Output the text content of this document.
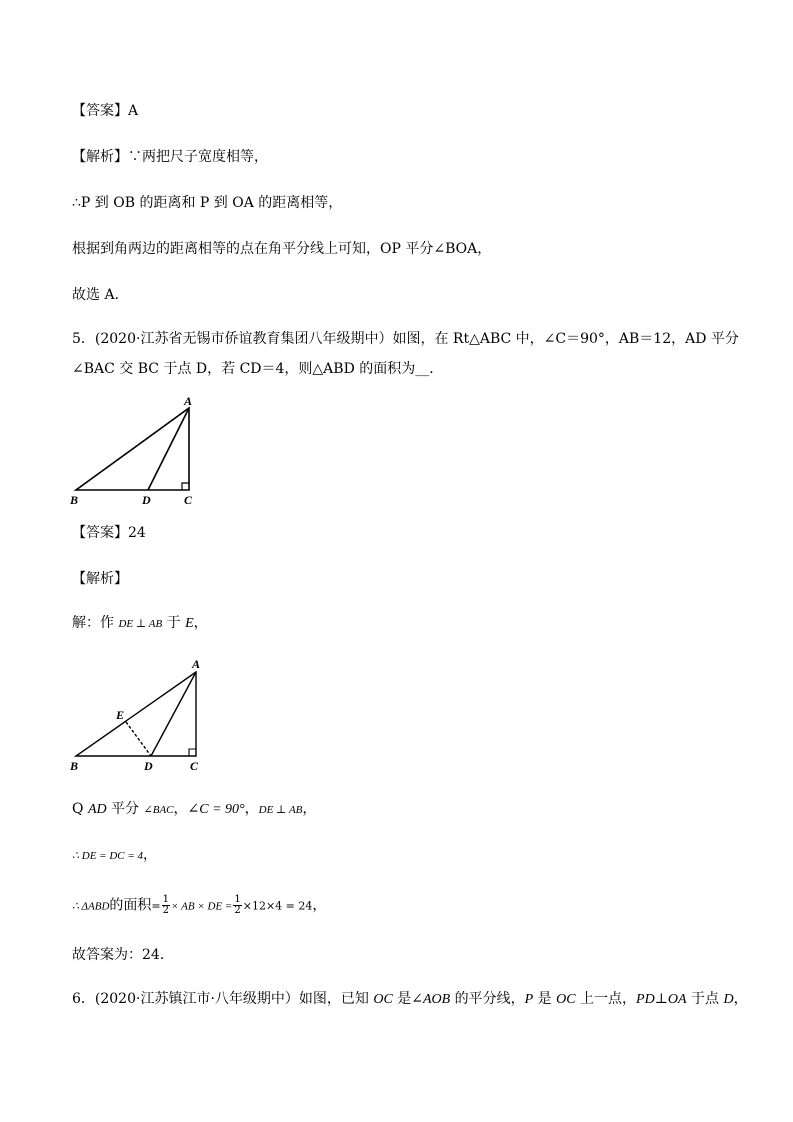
【答案】A
【解析】∵两把尺子宽度相等，
∴P 到 OB 的距离和 P 到 OA 的距离相等，
根据到角两边的距离相等的点在角平分线上可知，OP 平分∠BOA，
故选 A.
5．(2020·江苏省无锡市侨谊教育集团八年级期中）如图，在 Rt△ABC 中，∠C＝90°，AB＝12，AD 平分
∠BAC 交 BC 于点 D，若 CD＝4，则△ABD 的面积为__．
A
B	D	C
【答案】24
【解析】
解：作 DE ⊥ AB 于 E，
A
E
B	D	C
Q AD 平分 ∠BAC，∠C = 90°，DE ⊥ AB，
∴ DE = DC = 4，
∴ ΔABD的面积= $\frac{1}{2}$ × AB × DE = $\frac{1}{2} \times 12\times 4 = 24$，
故答案为：24．
6．(2020·江苏镇江市·八年级期中）如图，已知 OC 是∠AOB 的平分线，P 是 OC 上一点，PD⊥OA 于点 D，
